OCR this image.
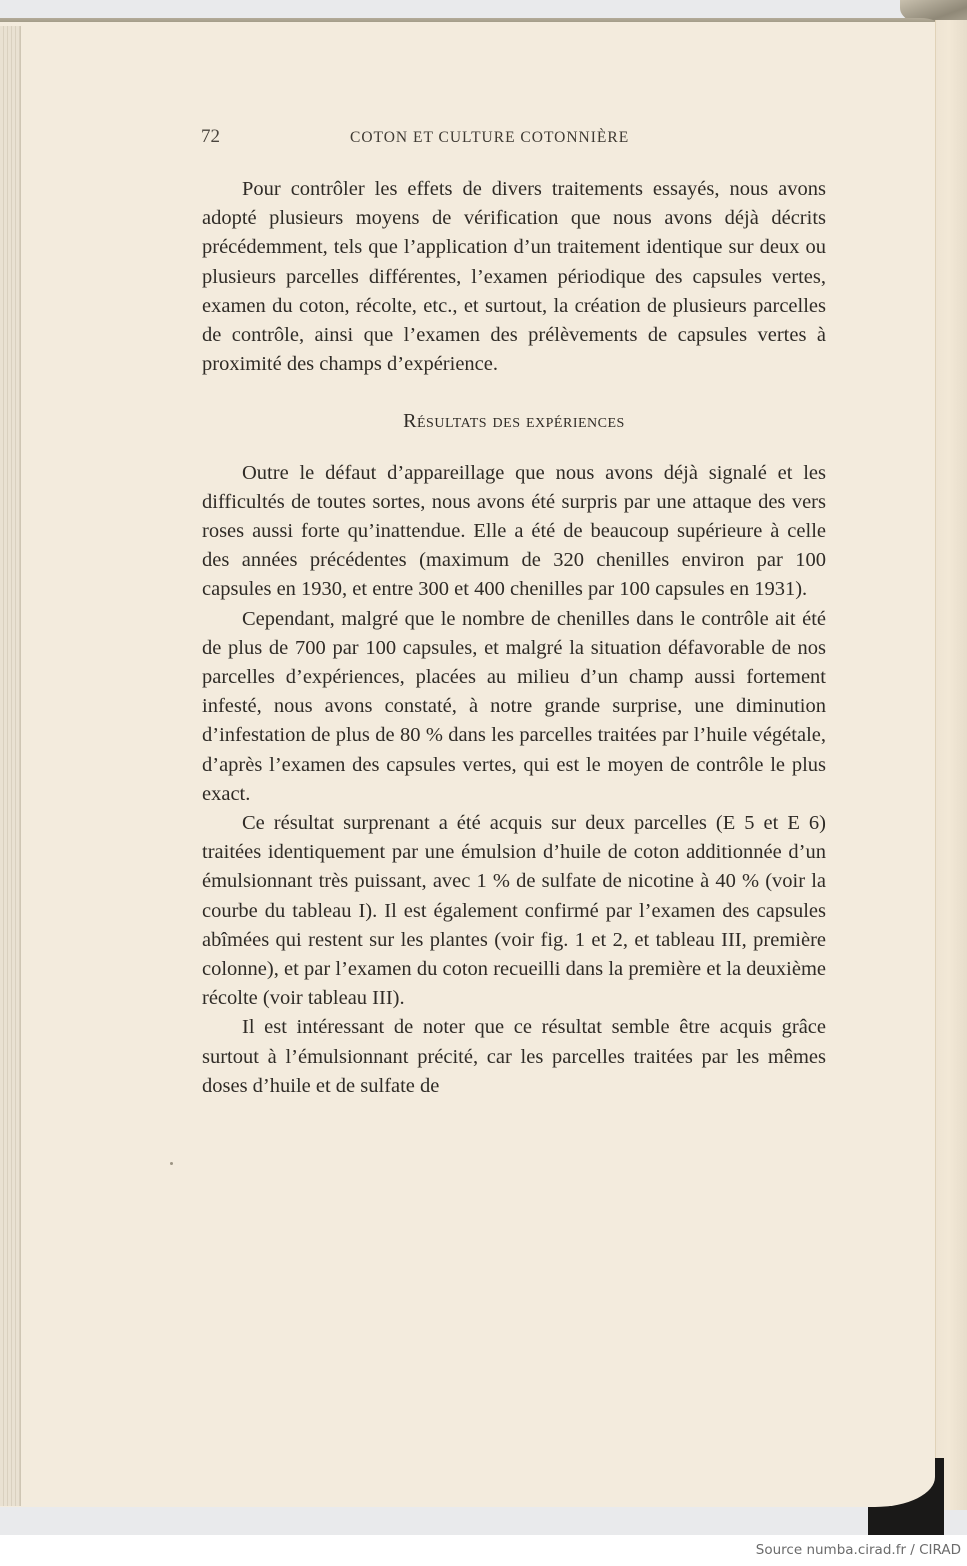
72	COTON ET CULTURE COTONNIÈRE

Pour contrôler les effets de divers traitements essayés, nous avons adopté plusieurs moyens de vérification que nous avons déjà décrits précédemment, tels que l’application d’un traitement identique sur deux ou plusieurs parcelles différentes, l’examen périodique des capsules vertes, examen du coton, récolte, etc., et surtout, la création de plusieurs parcelles de contrôle, ainsi que l’examen des prélèvements de capsules vertes à proximité des champs d’expérience.

Résultats des expériences

Outre le défaut d’appareillage que nous avons déjà signalé et les difficultés de toutes sortes, nous avons été surpris par une attaque des vers roses aussi forte qu’inattendue. Elle a été de beaucoup supérieure à celle des années précédentes (maximum de 320 chenilles environ par 100 capsules en 1930, et entre 300 et 400 chenilles par 100 capsules en 1931).

Cependant, malgré que le nombre de chenilles dans le contrôle ait été de plus de 700 par 100 capsules, et malgré la situation défavorable de nos parcelles d’expériences, placées au milieu d’un champ aussi fortement infesté, nous avons constaté, à notre grande surprise, une diminution d’infestation de plus de 80 % dans les parcelles traitées par l’huile végétale, d’après l’examen des capsules vertes, qui est le moyen de contrôle le plus exact.

Ce résultat surprenant a été acquis sur deux parcelles (E 5 et E 6) traitées identiquement par une émulsion d’huile de coton additionnée d’un émulsionnant très puissant, avec 1 % de sulfate de nicotine à 40 % (voir la courbe du tableau I). Il est également confirmé par l’examen des capsules abîmées qui restent sur les plantes (voir fig. 1 et 2, et tableau III, première colonne), et par l’examen du coton recueilli dans la première et la deuxième récolte (voir tableau III).

Il est intéressant de noter que ce résultat semble être acquis grâce surtout à l’émulsionnant précité, car les parcelles traitées par les mêmes doses d’huile et de sulfate de

Source numba.cirad.fr / CIRAD
